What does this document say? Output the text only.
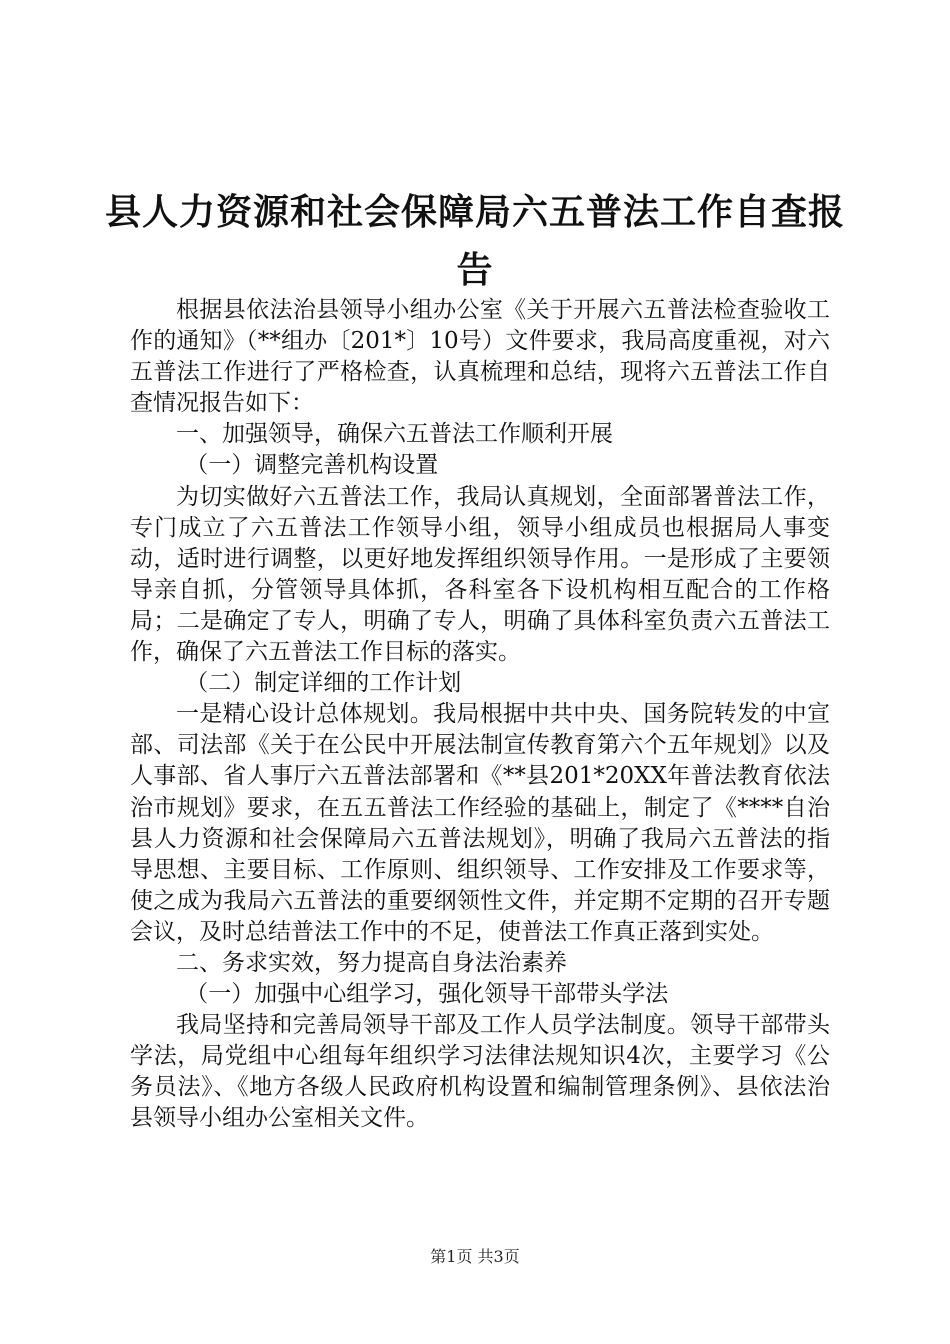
县人力资源和社会保障局六五普法工作自查报告

根据县依法治县领导小组办公室《关于开展六五普法检查验收工作的通知》（**组办〔201*〕10号）文件要求，我局高度重视，对六五普法工作进行了严格检查，认真梳理和总结，现将六五普法工作自查情况报告如下：

一、加强领导，确保六五普法工作顺利开展

（一）调整完善机构设置

为切实做好六五普法工作，我局认真规划，全面部署普法工作，专门成立了六五普法工作领导小组，领导小组成员也根据局人事变动，适时进行调整，以更好地发挥组织领导作用。一是形成了主要领导亲自抓，分管领导具体抓，各科室各下设机构相互配合的工作格局；二是确定了专人，明确了专人，明确了具体科室负责六五普法工作，确保了六五普法工作目标的落实。

（二）制定详细的工作计划

一是精心设计总体规划。我局根据中共中央、国务院转发的中宣部、司法部《关于在公民中开展法制宣传教育第六个五年规划》以及人事部、省人事厅六五普法部署和《**县201*20XX年普法教育依法治市规划》要求，在五五普法工作经验的基础上，制定了《****自治县人力资源和社会保障局六五普法规划》，明确了我局六五普法的指导思想、主要目标、工作原则、组织领导、工作安排及工作要求等，使之成为我局六五普法的重要纲领性文件，并定期不定期的召开专题会议，及时总结普法工作中的不足，使普法工作真正落到实处。

二、务求实效，努力提高自身法治素养

（一）加强中心组学习，强化领导干部带头学法

我局坚持和完善局领导干部及工作人员学法制度。领导干部带头学法，局党组中心组每年组织学习法律法规知识4次，主要学习《公务员法》、《地方各级人民政府机构设置和编制管理条例》、县依法治县领导小组办公室相关文件。

第1页 共3页
